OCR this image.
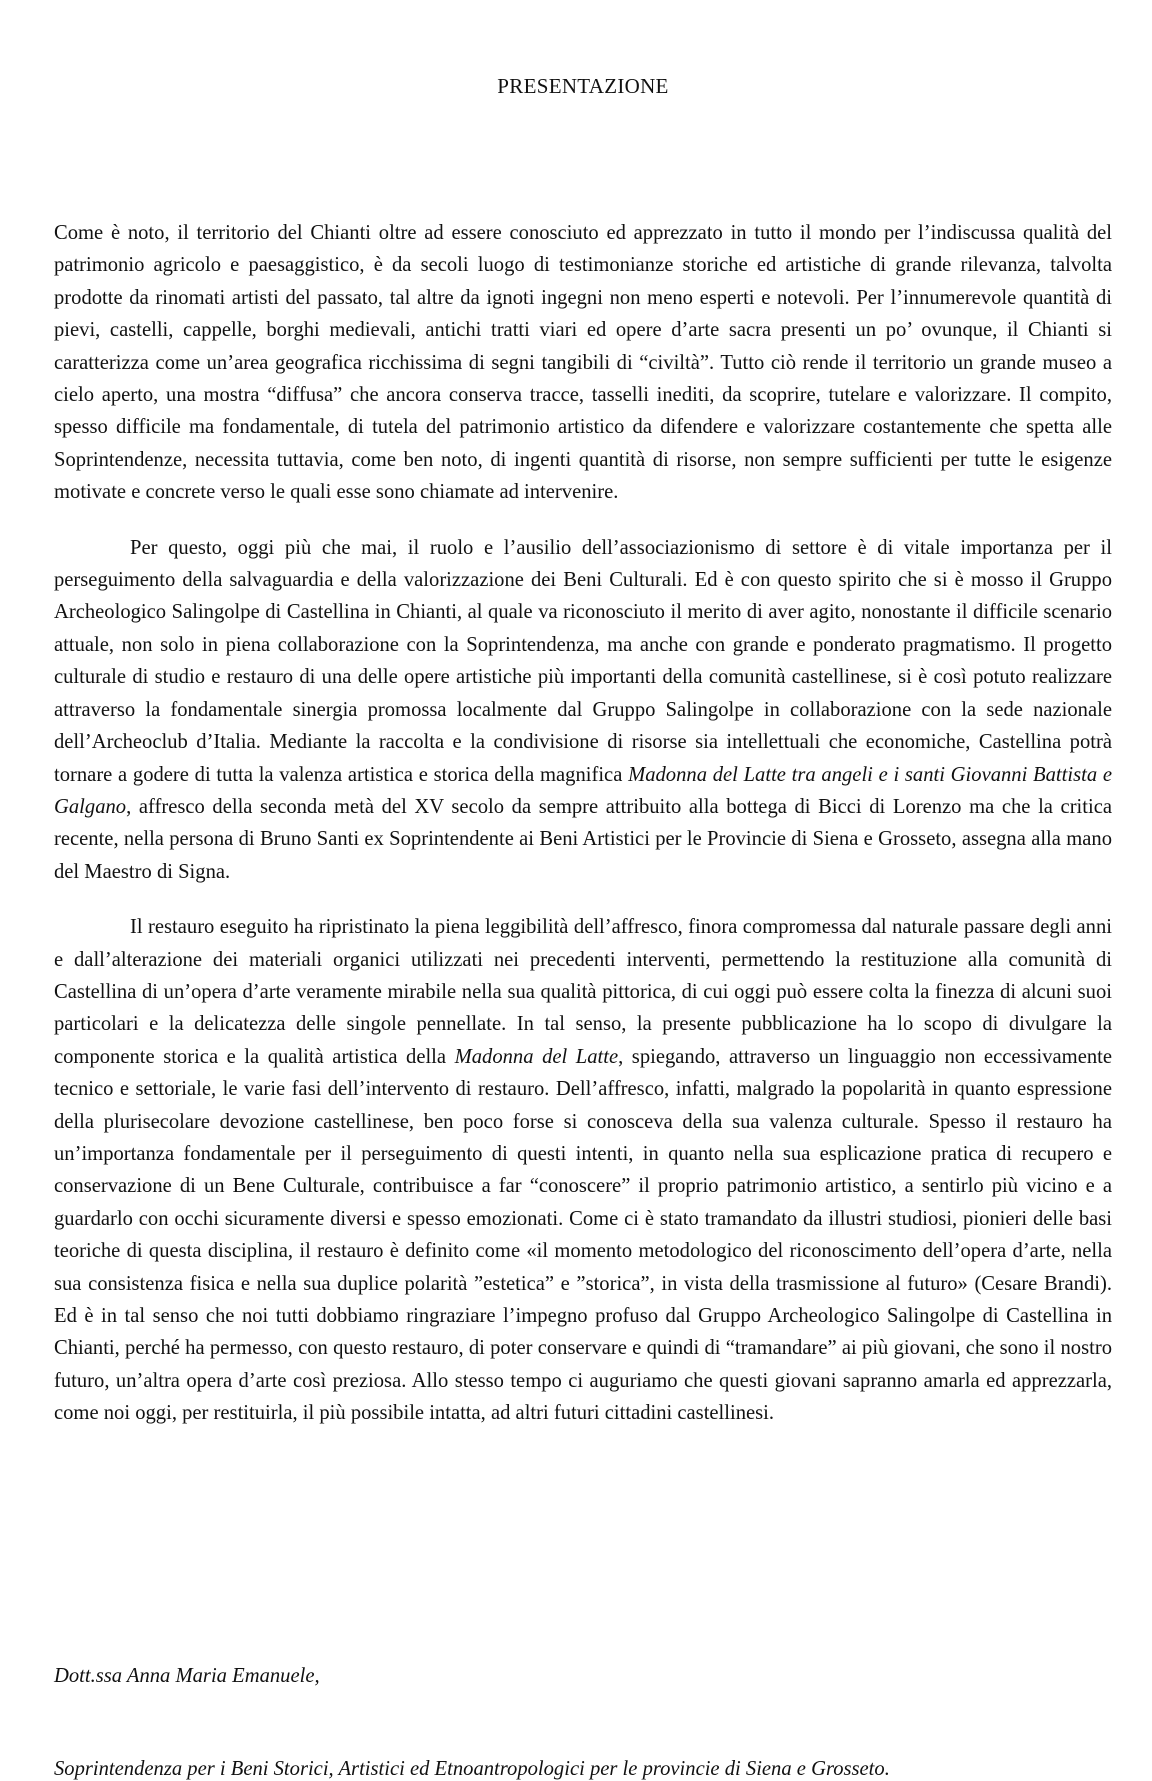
PRESENTAZIONE

Come è noto, il territorio del Chianti oltre ad essere conosciuto ed apprezzato in tutto il mondo per l’indiscussa qualità del patrimonio agricolo e paesaggistico, è da secoli luogo di testimonianze storiche ed artistiche di grande rilevanza, talvolta prodotte da rinomati artisti del passato, tal altre da ignoti ingegni non meno esperti e notevoli. Per l’innumerevole quantità di pievi, castelli, cappelle, borghi medievali, antichi tratti viari ed opere d’arte sacra presenti un po’ ovunque, il Chianti si caratterizza come un’area geografica ricchissima di segni tangibili di “civiltà”. Tutto ciò rende il territorio un grande museo a cielo aperto, una mostra “diffusa” che ancora conserva tracce, tasselli inediti, da scoprire, tutelare e valorizzare. Il compito, spesso difficile ma fondamentale, di tutela del patrimonio artistico da difendere e valorizzare costantemente che spetta alle Soprintendenze, necessita tuttavia, come ben noto, di ingenti quantità di risorse, non sempre sufficienti per tutte le esigenze motivate e concrete verso le quali esse sono chiamate ad intervenire.

Per questo, oggi più che mai, il ruolo e l’ausilio dell’associazionismo di settore è di vitale importanza per il perseguimento della salvaguardia e della valorizzazione dei Beni Culturali. Ed è con questo spirito che si è mosso il Gruppo Archeologico Salingolpe di Castellina in Chianti, al quale va riconosciuto il merito di aver agito, nonostante il difficile scenario attuale, non solo in piena collaborazione con la Soprintendenza, ma anche con grande e ponderato pragmatismo. Il progetto culturale di studio e restauro di una delle opere artistiche più importanti della comunità castellinese, si è così potuto realizzare attraverso la fondamentale sinergia promossa localmente dal Gruppo Salingolpe in collaborazione con la sede nazionale dell’Archeoclub d’Italia. Mediante la raccolta e la condivisione di risorse sia intellettuali che economiche, Castellina potrà tornare a godere di tutta la valenza artistica e storica della magnifica Madonna del Latte tra angeli e i santi Giovanni Battista e Galgano, affresco della seconda metà del XV secolo da sempre attribuito alla bottega di Bicci di Lorenzo ma che la critica recente, nella persona di Bruno Santi ex Soprintendente ai Beni Artistici per le Provincie di Siena e Grosseto, assegna alla mano del Maestro di Signa.

Il restauro eseguito ha ripristinato la piena leggibilità dell’affresco, finora compromessa dal naturale passare degli anni e dall’alterazione dei materiali organici utilizzati nei precedenti interventi, permettendo la restituzione alla comunità di Castellina di un’opera d’arte veramente mirabile nella sua qualità pittorica, di cui oggi può essere colta la finezza di alcuni suoi particolari e la delicatezza delle singole pennellate. In tal senso, la presente pubblicazione ha lo scopo di divulgare la componente storica e la qualità artistica della Madonna del Latte, spiegando, attraverso un linguaggio non eccessivamente tecnico e settoriale, le varie fasi dell’intervento di restauro. Dell’affresco, infatti, malgrado la popolarità in quanto espressione della plurisecolare devozione castellinese, ben poco forse si conosceva della sua valenza culturale. Spesso il restauro ha un’importanza fondamentale per il perseguimento di questi intenti, in quanto nella sua esplicazione pratica di recupero e conservazione di un Bene Culturale, contribuisce a far “conoscere” il proprio patrimonio artistico, a sentirlo più vicino e a guardarlo con occhi sicuramente diversi e spesso emozionati. Come ci è stato tramandato da illustri studiosi, pionieri delle basi teoriche di questa disciplina, il restauro è definito come «il momento metodologico del riconoscimento dell’opera d’arte, nella sua consistenza fisica e nella sua duplice polarità ”estetica” e ”storica”, in vista della trasmissione al futuro» (Cesare Brandi). Ed è in tal senso che noi tutti dobbiamo ringraziare l’impegno profuso dal Gruppo Archeologico Salingolpe di Castellina in Chianti, perché ha permesso, con questo restauro, di poter conservare e quindi di “tramandare” ai più giovani, che sono il nostro futuro, un’altra opera d’arte così preziosa. Allo stesso tempo ci auguriamo che questi giovani sapranno amarla ed apprezzarla, come noi oggi, per restituirla, il più possibile intatta, ad altri futuri cittadini castellinesi.

Dott.ssa Anna Maria Emanuele,

Soprintendenza per i Beni Storici, Artistici ed Etnoantropologici per le provincie di Siena e Grosseto.
